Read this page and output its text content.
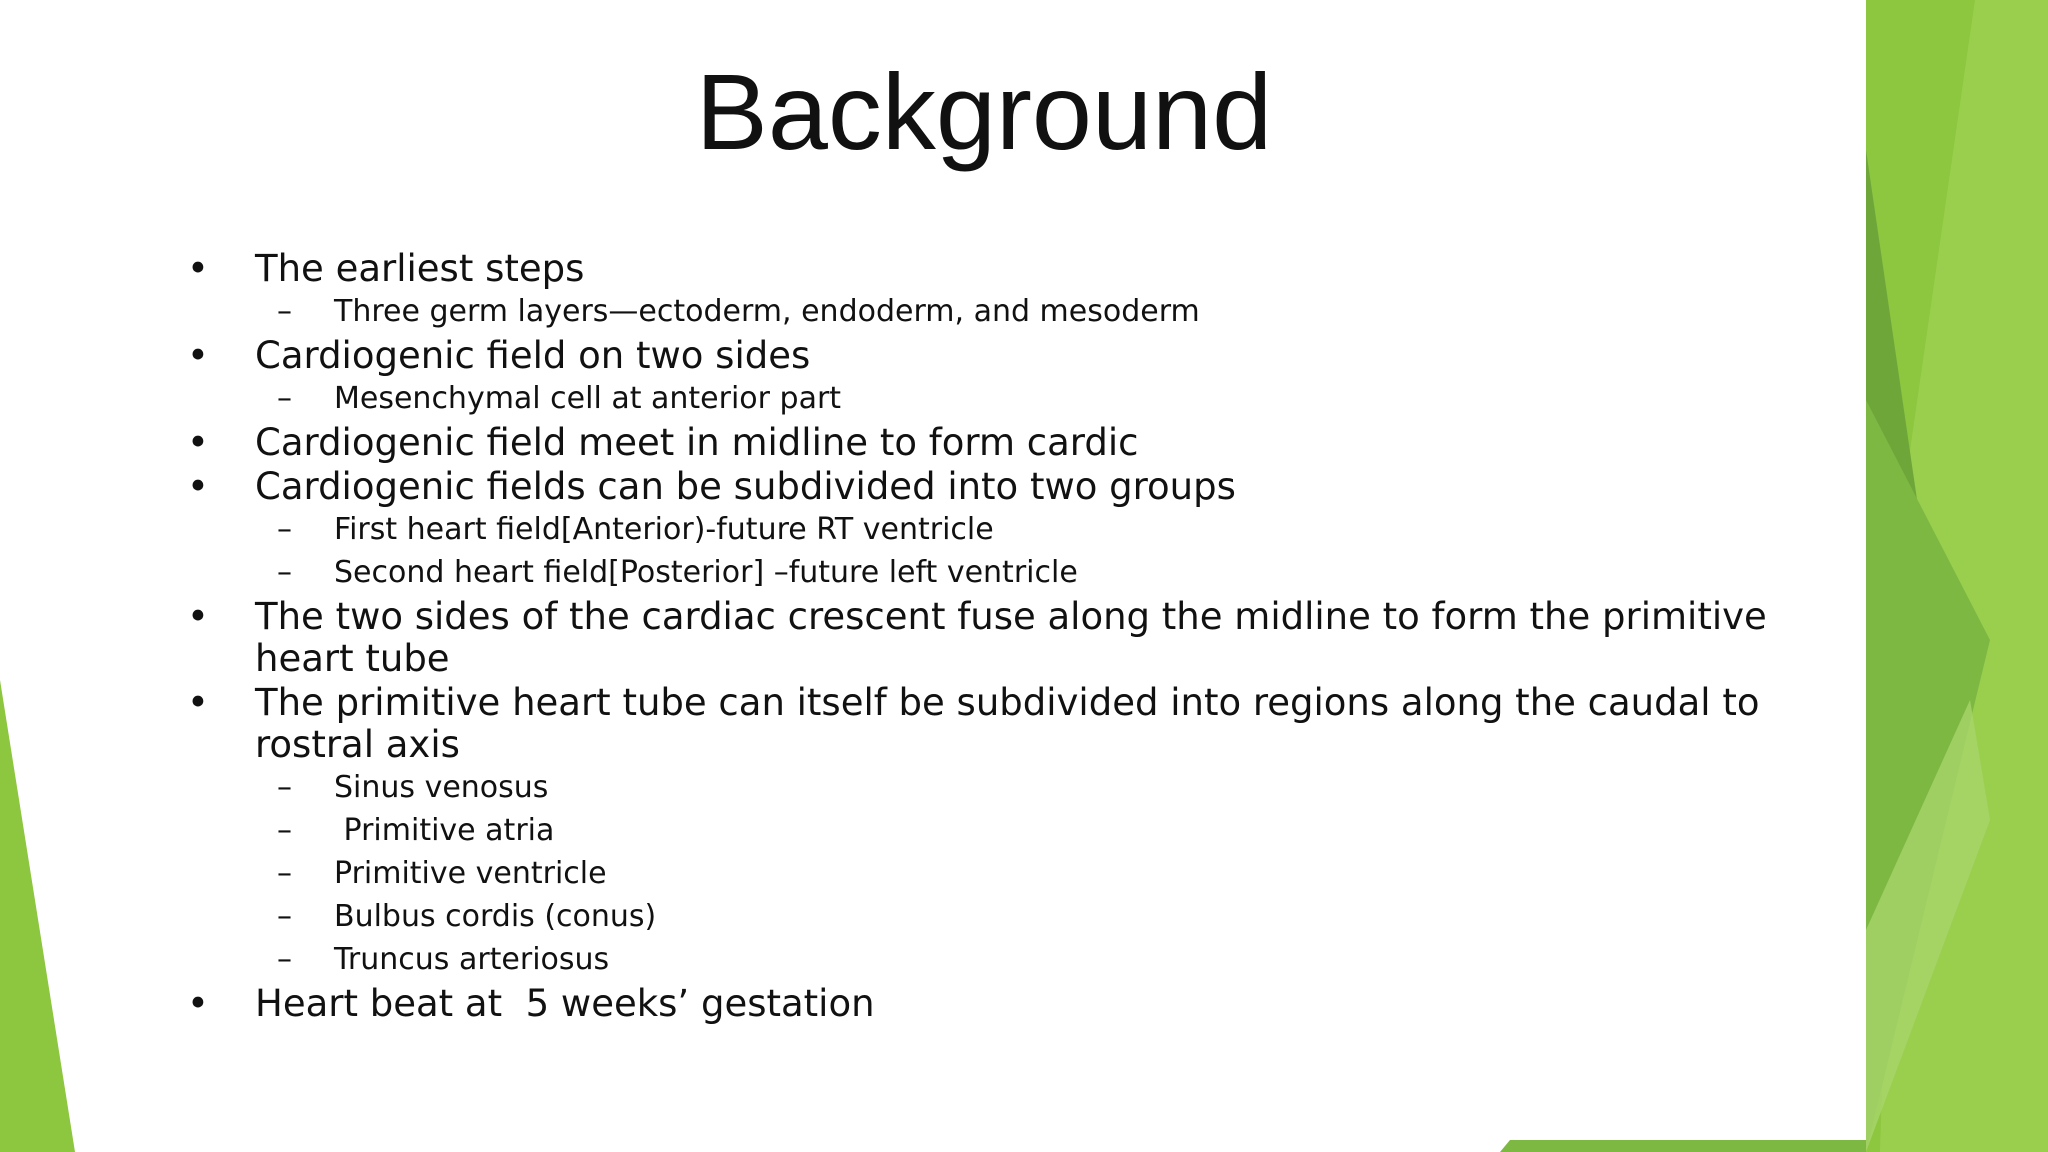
Background
• The earliest steps
– Three germ layers—ectoderm, endoderm, and mesoderm
• Cardiogenic field on two sides
– Mesenchymal cell at anterior part
• Cardiogenic field meet in midline to form cardic
• Cardiogenic fields can be subdivided into two groups
– First heart field[Anterior)-future RT ventricle
– Second heart field[Posterior] –future left ventricle
• The two sides of the cardiac crescent fuse along the midline to form the primitive heart tube
• The primitive heart tube can itself be subdivided into regions along the caudal to rostral axis
– Sinus venosus
– Primitive atria
– Primitive ventricle
– Bulbus cordis (conus)
– Truncus arteriosus
• Heart beat at  5 weeks’ gestation
